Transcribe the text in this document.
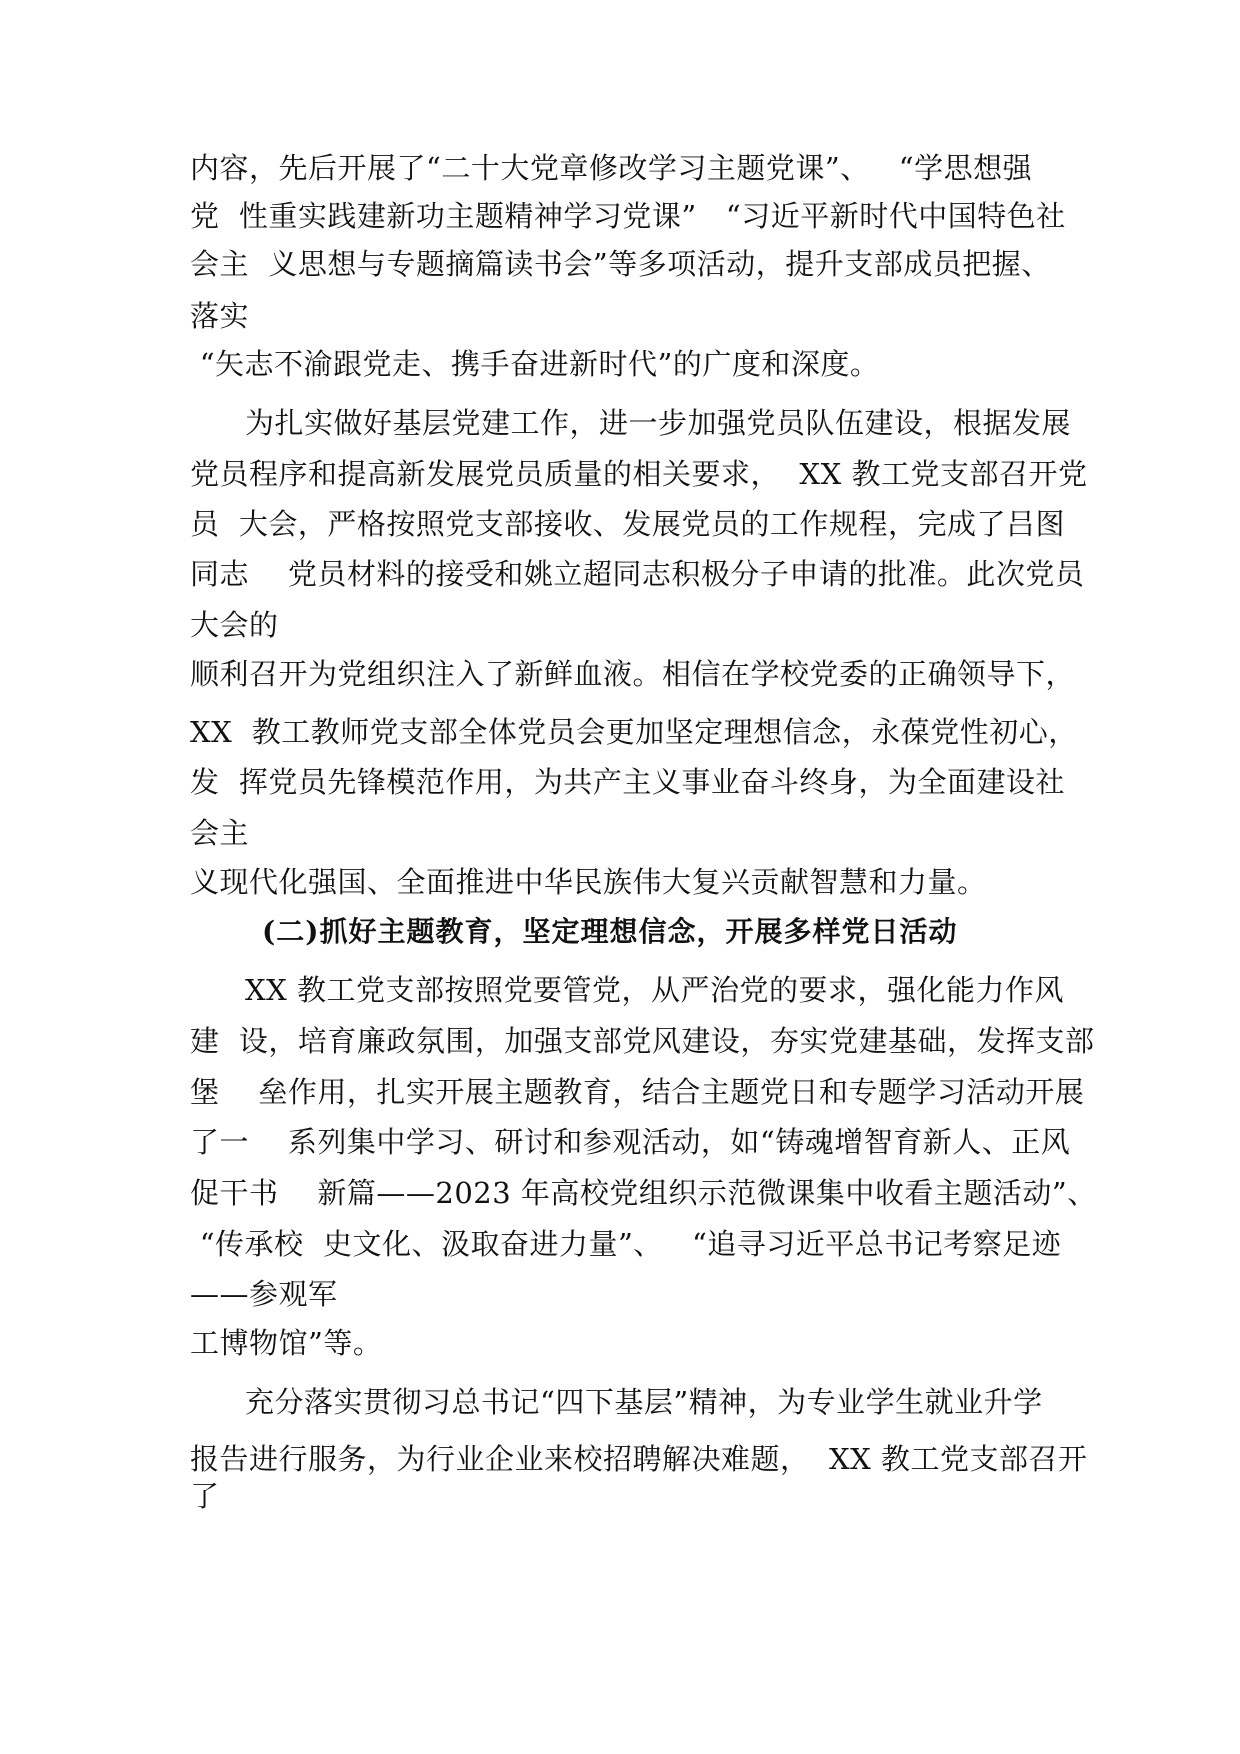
内容，先后开展了“二十大党章修改学习主题党课”、   “学思想强
党  性重实践建新功主题精神学习党课”   “习近平新时代中国特色社
会主  义思想与专题摘篇读书会”等多项活动，提升支部成员把握、
落实
“矢志不渝跟党走、携手奋进新时代”的广度和深度。
为扎实做好基层党建工作，进一步加强党员队伍建设，根据发展
党员程序和提高新发展党员质量的相关要求，  XX 教工党支部召开党
员  大会，严格按照党支部接收、发展党员的工作规程，完成了吕图
同志    党员材料的接受和姚立超同志积极分子申请的批准。此次党员
大会的
顺利召开为党组织注入了新鲜血液。相信在学校党委的正确领导下，
XX  教工教师党支部全体党员会更加坚定理想信念，永葆党性初心，
发  挥党员先锋模范作用，为共产主义事业奋斗终身，为全面建设社
会主
义现代化强国、全面推进中华民族伟大复兴贡献智慧和力量。
(二)抓好主题教育，坚定理想信念，开展多样党日活动
XX 教工党支部按照党要管党，从严治党的要求，强化能力作风
建  设，培育廉政氛围，加强支部党风建设，夯实党建基础，发挥支部
堡    垒作用，扎实开展主题教育，结合主题党日和专题学习活动开展
了一    系列集中学习、研讨和参观活动，如“铸魂增智育新人、正风
促干书    新篇——2023 年高校党组织示范微课集中收看主题活动”、
“传承校  史文化、汲取奋进力量”、   “追寻习近平总书记考察足迹
——参观军
工博物馆”等。
充分落实贯彻习总书记“四下基层”精神，为专业学生就业升学
报告进行服务，为行业企业来校招聘解决难题，  XX 教工党支部召开
了
